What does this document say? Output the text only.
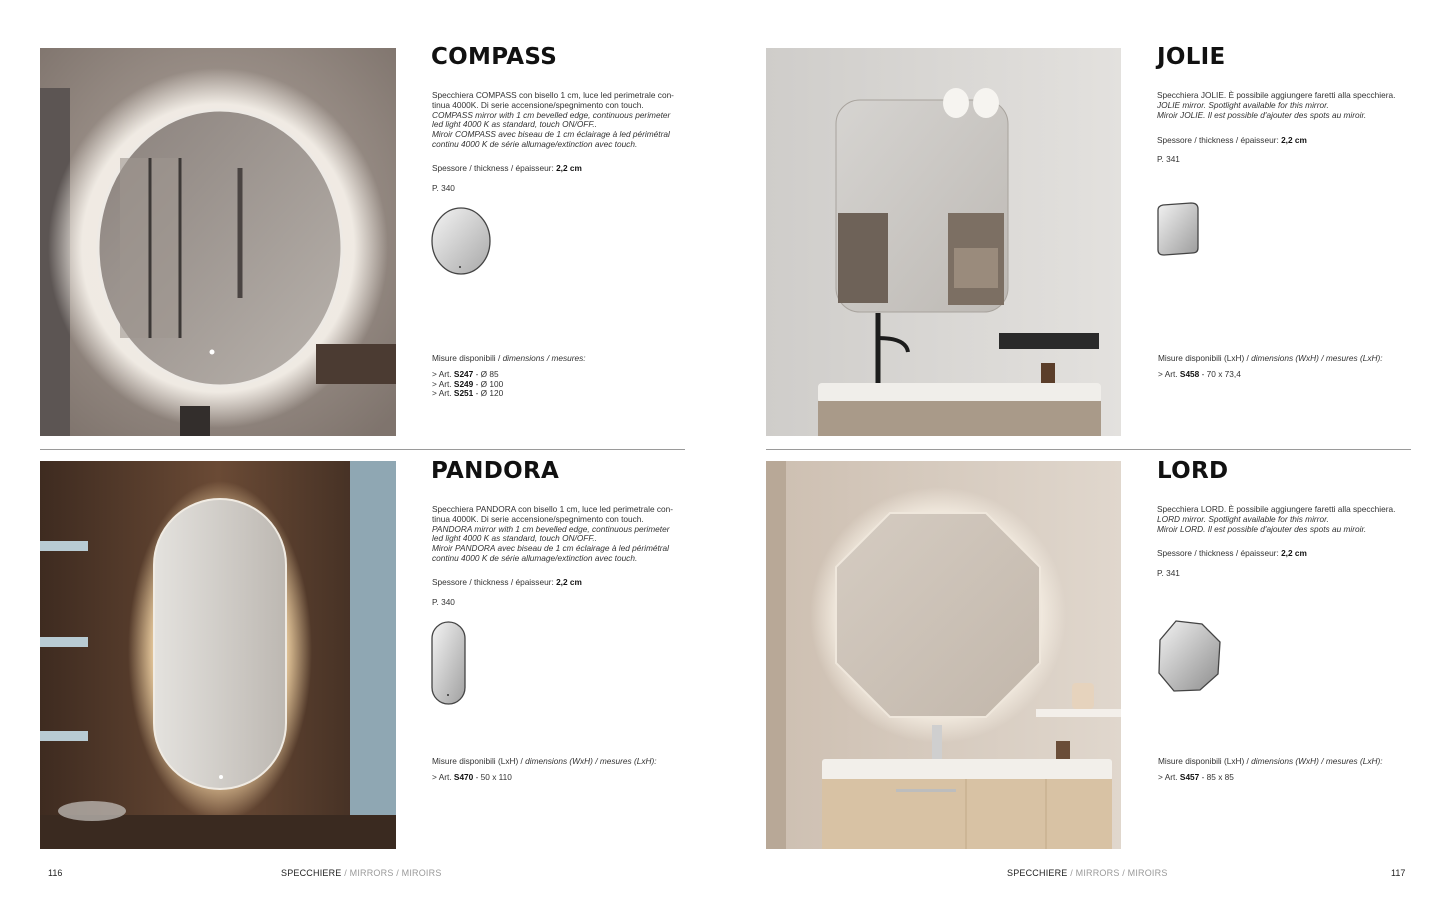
COMPASS
Specchiera COMPASS con bisello 1 cm, luce led perimetrale con-
tinua 4000K. Di serie accensione/spegnimento con touch.
COMPASS mirror with 1 cm bevelled edge, continuous perimeter
led light 4000 K as standard, touch ON/OFF..
Miroir COMPASS avec biseau de 1 cm éclairage à led périmétral
continu 4000 K de série allumage/extinction avec touch.
Spessore / thickness / épaisseur: 2,2 cm
P. 340
Misure disponibili / dimensions / mesures:
> Art. S247 - Ø 85
> Art. S249 - Ø 100
> Art. S251 - Ø 120
JOLIE
Specchiera JOLIE. È possibile aggiungere faretti alla specchiera.
JOLIE mirror. Spotlight available for this mirror.
Miroir JOLIE. Il est possible d'ajouter des spots au miroir.
Spessore / thickness / épaisseur: 2,2 cm
P. 341
Misure disponibili (LxH) / dimensions (WxH) / mesures (LxH):
> Art. S458 - 70 x 73,4
PANDORA
Specchiera PANDORA con bisello 1 cm, luce led perimetrale con-
tinua 4000K. Di serie accensione/spegnimento con touch.
PANDORA mirror with 1 cm bevelled edge, continuous perimeter
led light 4000 K as standard, touch ON/OFF..
Miroir PANDORA avec biseau de 1 cm éclairage à led périmétral
continu 4000 K de série allumage/extinction avec touch.
Spessore / thickness / épaisseur: 2,2 cm
P. 340
Misure disponibili (LxH) / dimensions (WxH) / mesures (LxH):
> Art. S470 - 50 x 110
LORD
Specchiera LORD. È possibile aggiungere faretti alla specchiera.
LORD mirror. Spotlight available for this mirror.
Miroir LORD. Il est possible d'ajouter des spots au miroir.
Spessore / thickness / épaisseur: 2,2 cm
P. 341
Misure disponibili (LxH) / dimensions (WxH) / mesures (LxH):
> Art. S457 - 85 x 85
116	SPECCHIERE / MIRRORS / MIROIRS	SPECCHIERE / MIRRORS / MIROIRS	117
